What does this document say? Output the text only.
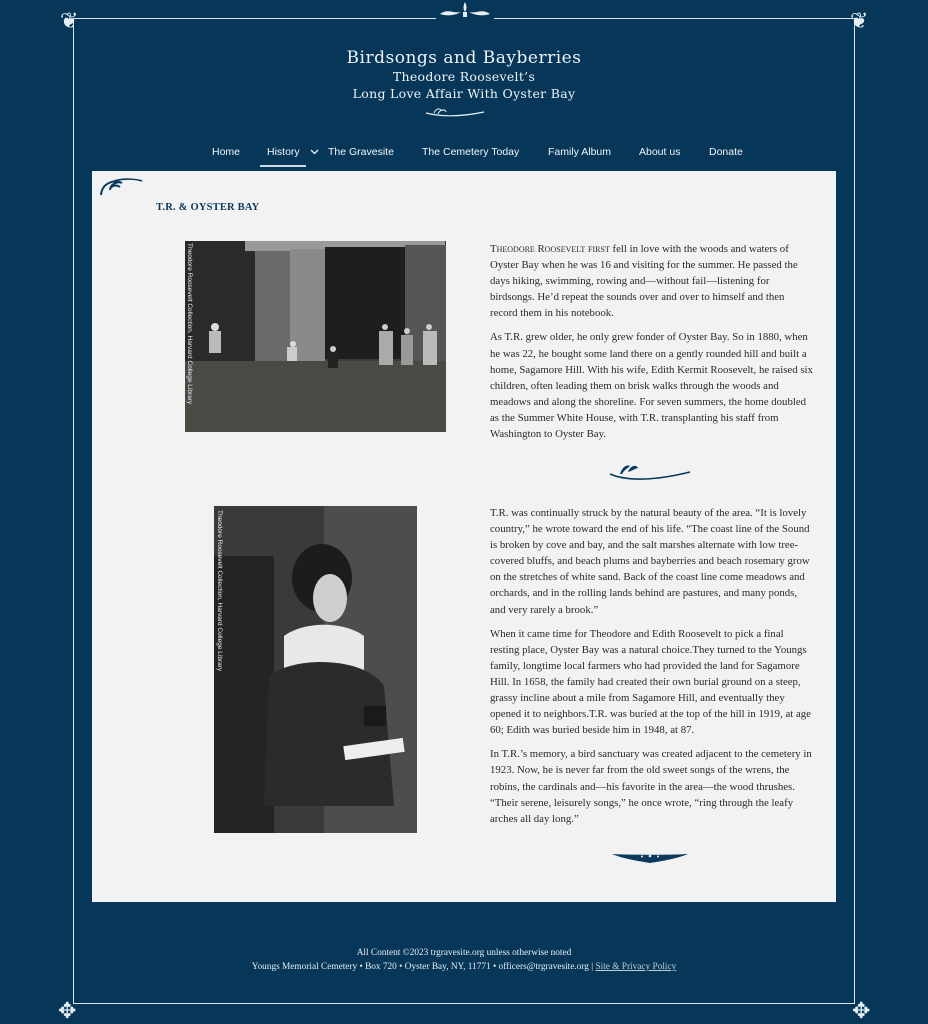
❦	❦
✥	✥
Birdsongs and Bayberries
Theodore Roosevelt’s
Long Love Affair With Oyster Bay
Home	History	The Gravesite	The Cemetery Today	Family Album	About us	Donate
T.R. & OYSTER BAY
Theodore Roosevelt Collection, Harvard College Library	Theodore Roosevelt first fell in love with the woods and waters of Oyster Bay when he was 16 and visiting for the summer. He passed the days hiking, swimming, rowing and—without fail—listening for birdsongs. He’d repeat the sounds over and over to himself and then record them in his notebook.

As T.R. grew older, he only grew fonder of Oyster Bay. So in 1880, when he was 22, he bought some land there on a gently rounded hill and built a home, Sagamore Hill. With his wife, Edith Kermit Roosevelt, he raised six children, often leading them on brisk walks through the woods and meadows and along the shoreline. For seven summers, the home doubled as the Summer White House, with T.R. transplanting his staff from Washington to Oyster Bay.

Theodore Roosevelt Collection, Harvard College Library	T.R. was continually struck by the natural beauty of the area. “It is lovely country,” he wrote toward the end of his life. “The coast line of the Sound is broken by cove and bay, and the salt marshes alternate with low tree-covered bluffs, and beach plums and bayberries and beach rosemary grow on the stretches of white sand. Back of the coast line come meadows and orchards, and in the rolling lands behind are pastures, and many ponds, and very rarely a brook.”

When it came time for Theodore and Edith Roosevelt to pick a final resting place, Oyster Bay was a natural choice.They turned to the Youngs family, longtime local farmers who had provided the land for Sagamore Hill. In 1658, the family had created their own burial ground on a steep, grassy incline about a mile from Sagamore Hill, and eventually they opened it to neighbors.T.R. was buried at the top of the hill in 1919, at age 60; Edith was buried beside him in 1948, at 87.

In T.R.’s memory, a bird sanctuary was created adjacent to the cemetery in 1923. Now, he is never far from the old sweet songs of the wrens, the robins, the cardinals and—his favorite in the area—the wood thrushes. “Their serene, leisurely songs,” he once wrote, “ring through the leafy arches all day long.”

All Content ©2023 trgravesite.org unless otherwise noted
Youngs Memorial Cemetery • Box 720 • Oyster Bay, NY, 11771 • officers@trgravesite.org | Site & Privacy Policy
